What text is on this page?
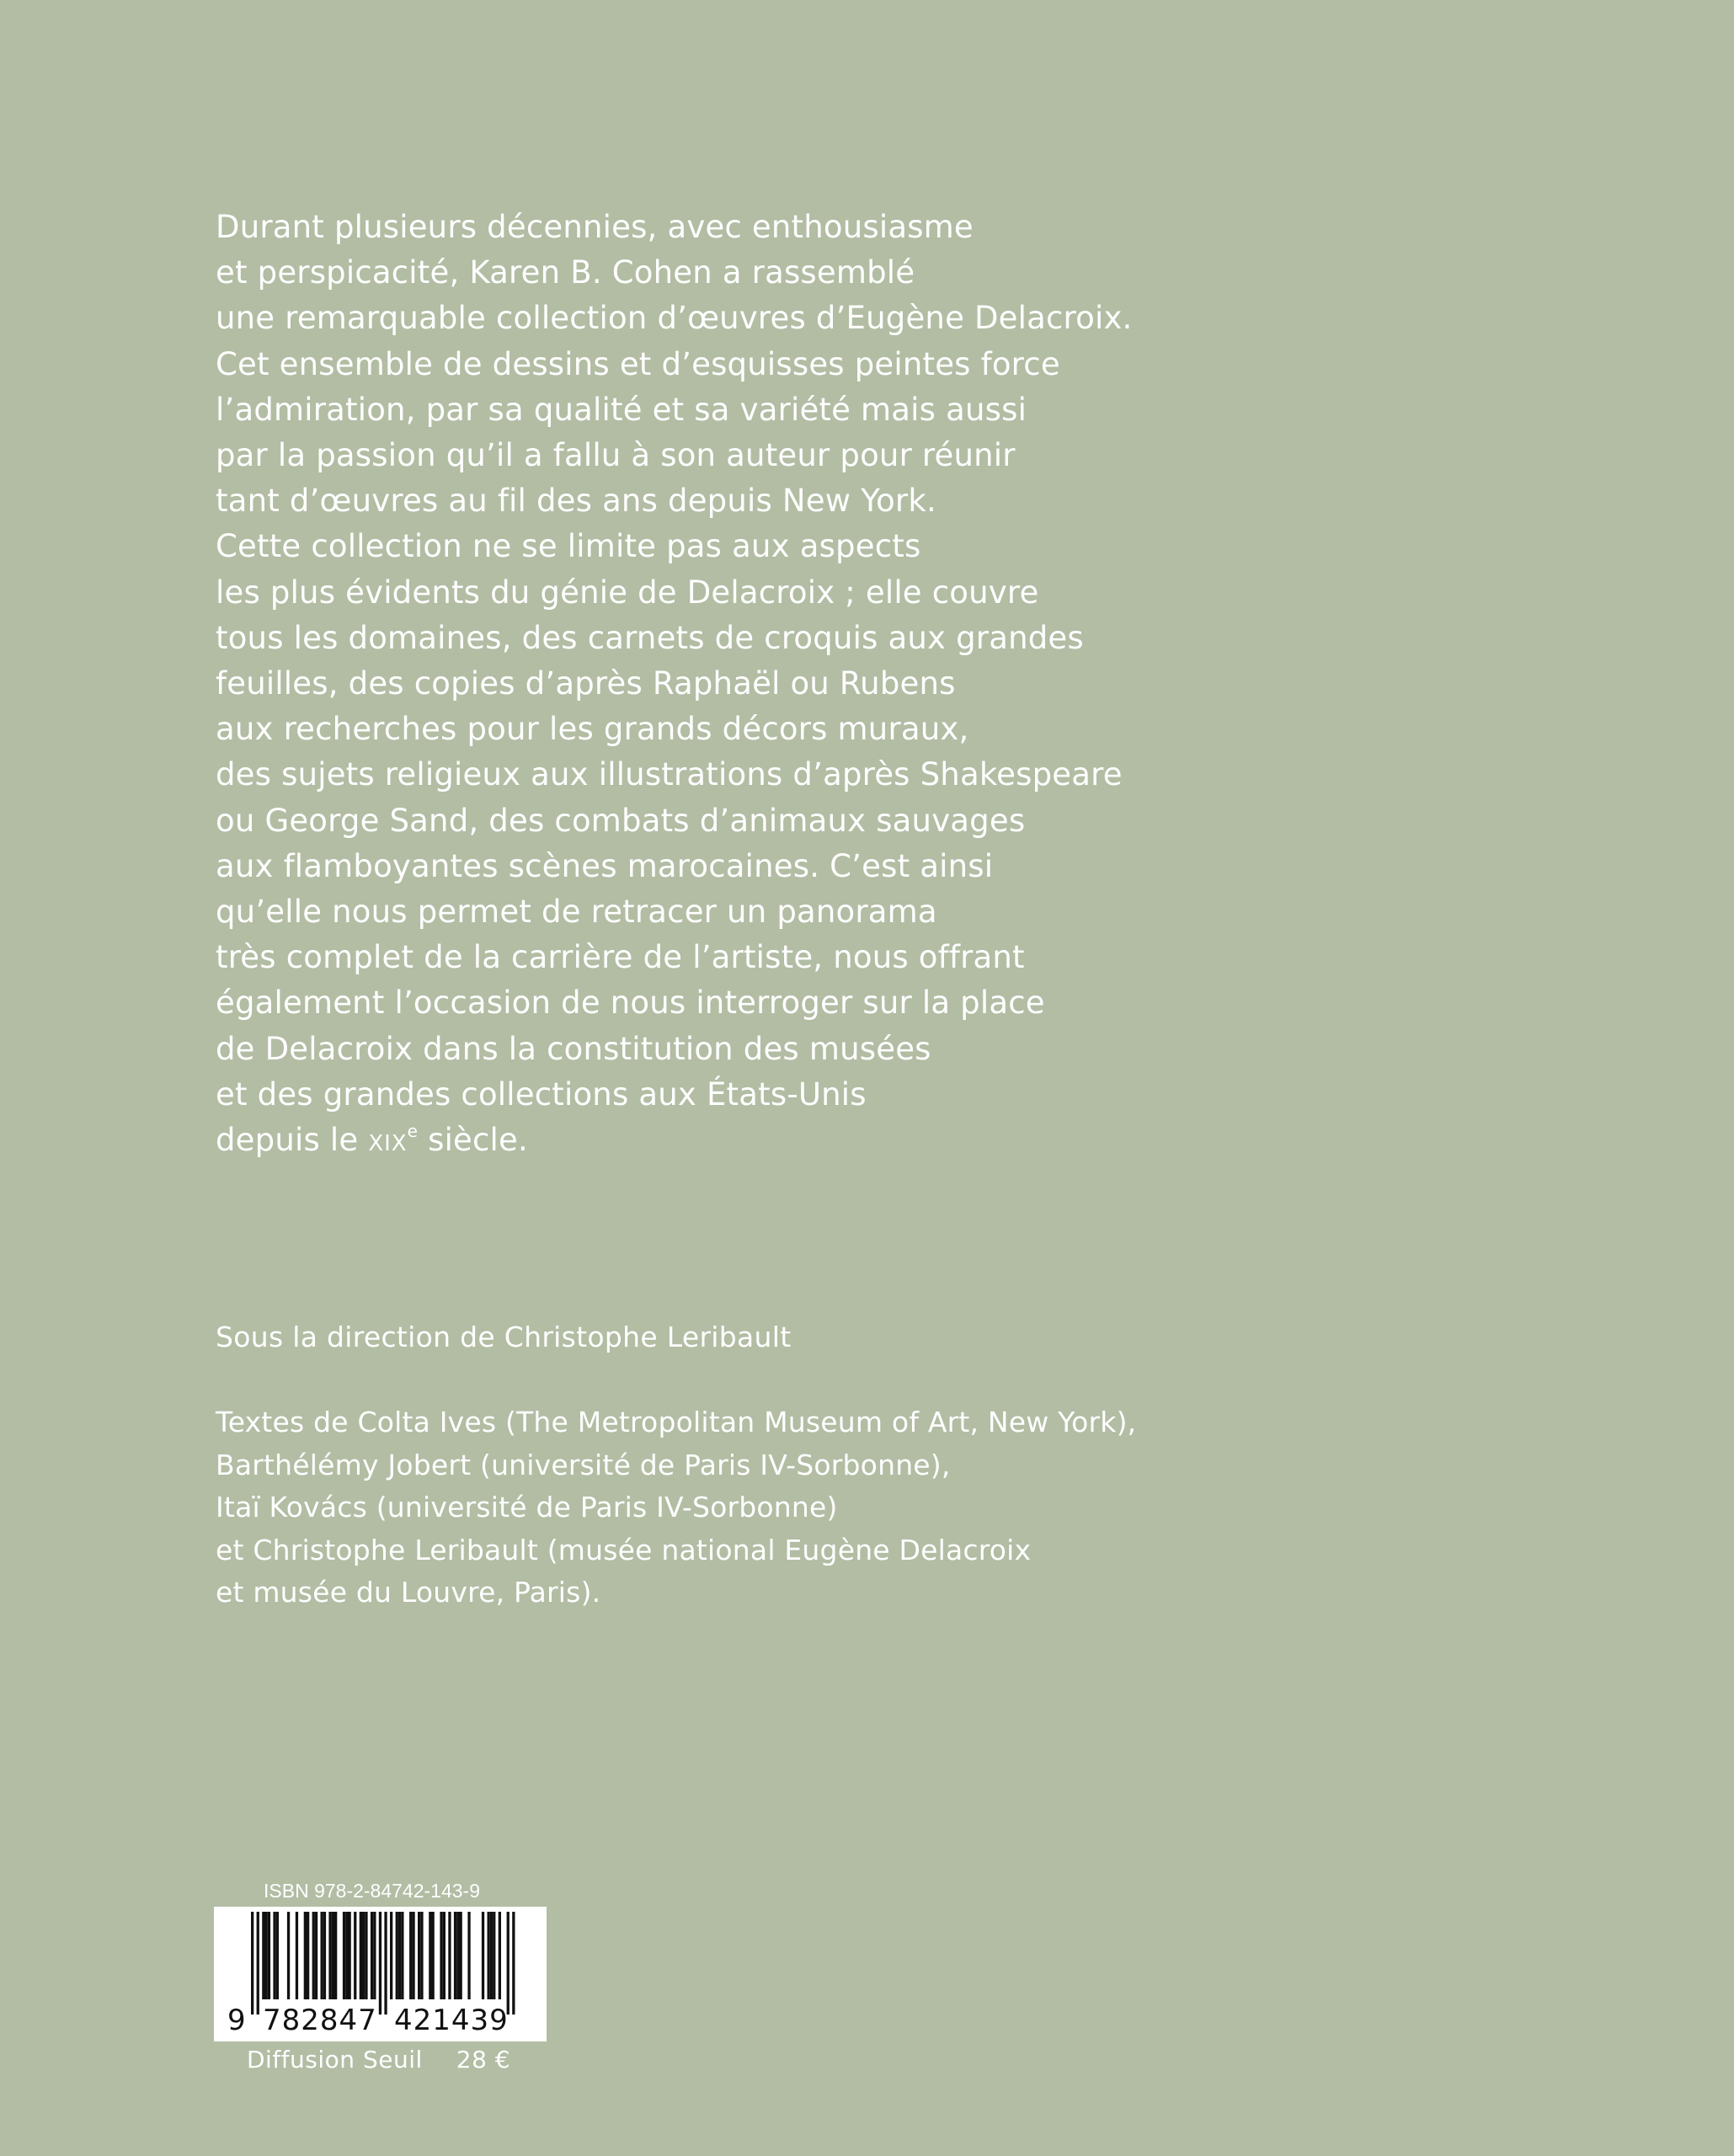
Durant plusieurs décennies, avec enthousiasme
et perspicacité, Karen B. Cohen a rassemblé
une remarquable collection d’œuvres d’Eugène Delacroix.
Cet ensemble de dessins et d’esquisses peintes force
l’admiration, par sa qualité et sa variété mais aussi
par la passion qu’il a fallu à son auteur pour réunir
tant d’œuvres au fil des ans depuis New York.
Cette collection ne se limite pas aux aspects
les plus évidents du génie de Delacroix ; elle couvre
tous les domaines, des carnets de croquis aux grandes
feuilles, des copies d’après Raphaël ou Rubens
aux recherches pour les grands décors muraux,
des sujets religieux aux illustrations d’après Shakespeare
ou George Sand, des combats d’animaux sauvages
aux flamboyantes scènes marocaines. C’est ainsi
qu’elle nous permet de retracer un panorama
très complet de la carrière de l’artiste, nous offrant
également l’occasion de nous interroger sur la place
de Delacroix dans la constitution des musées
et des grandes collections aux États-Unis
depuis le XIXe siècle.
Sous la direction de Christophe Leribault
Textes de Colta Ives (The Metropolitan Museum of Art, New York),
Barthélémy Jobert (université de Paris IV-Sorbonne),
Itaï Kovács (université de Paris IV-Sorbonne)
et Christophe Leribault (musée national Eugène Delacroix
et musée du Louvre, Paris).
ISBN 978-2-84742-143-9
9 782847 421439
Diffusion Seuil 28 €
